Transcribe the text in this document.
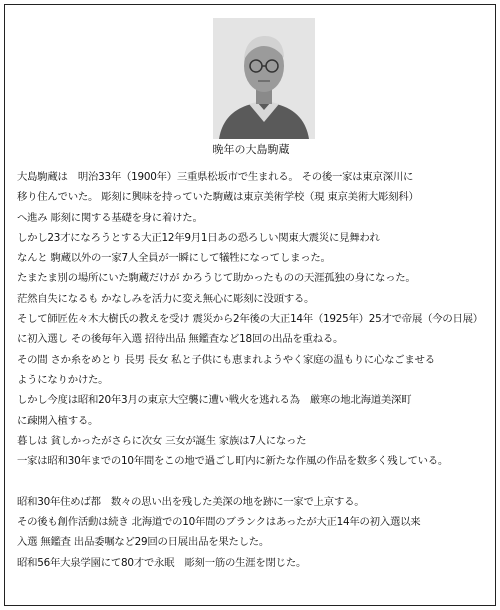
晩年の大島駒蔵
大島駒蔵は　明治33年（1900年）三重県松坂市で生まれる。 その後一家は東京深川に
移り住んでいた。 彫刻に興味を持っていた駒蔵は東京美術学校（現 東京美術大彫刻科）
へ進み 彫刻に関する基礎を身に着けた。
しかし23才になろうとする大正12年9月1日あの恐ろしい関東大震災に見舞われ
なんと 駒蔵以外の一家7人全員が一瞬にして犠牲になってしまった。
たまたま別の場所にいた駒蔵だけが かろうじて助かったものの天涯孤独の身になった。
茫然自失になるも かなしみを活力に変え無心に彫刻に没頭する。
そして師匠佐々木大樹氏の教えを受け 震災から2年後の大正14年（1925年）25才で帝展（今の日展）
に初入選し その後毎年入選 招待出品 無鑑査など18回の出品を重ねる。
その間 さか糸をめとり 長男 長女 私と子供にも恵まれようやく家庭の温もりに心なごませる
ようになりかけた。
しかし今度は昭和20年3月の東京大空襲に遭い戦火を逃れる為　厳寒の地北海道美深町
に疎開入植する。
暮しは 貧しかったがさらに次女 三女が誕生 家族は7人になった
一家は昭和30年までの10年間をこの地で過ごし町内に新たな作風の作品を数多く残している。
昭和30年住めば都　数々の思い出を残した美深の地を跡に一家で上京する。
その後も創作活動は続き 北海道での10年間のブランクはあったが大正14年の初入選以来
入選 無鑑査 出品委嘱など29回の日展出品を果たした。
昭和56年大泉学園にて80才で永眠　彫刻一筋の生涯を閉じた。
